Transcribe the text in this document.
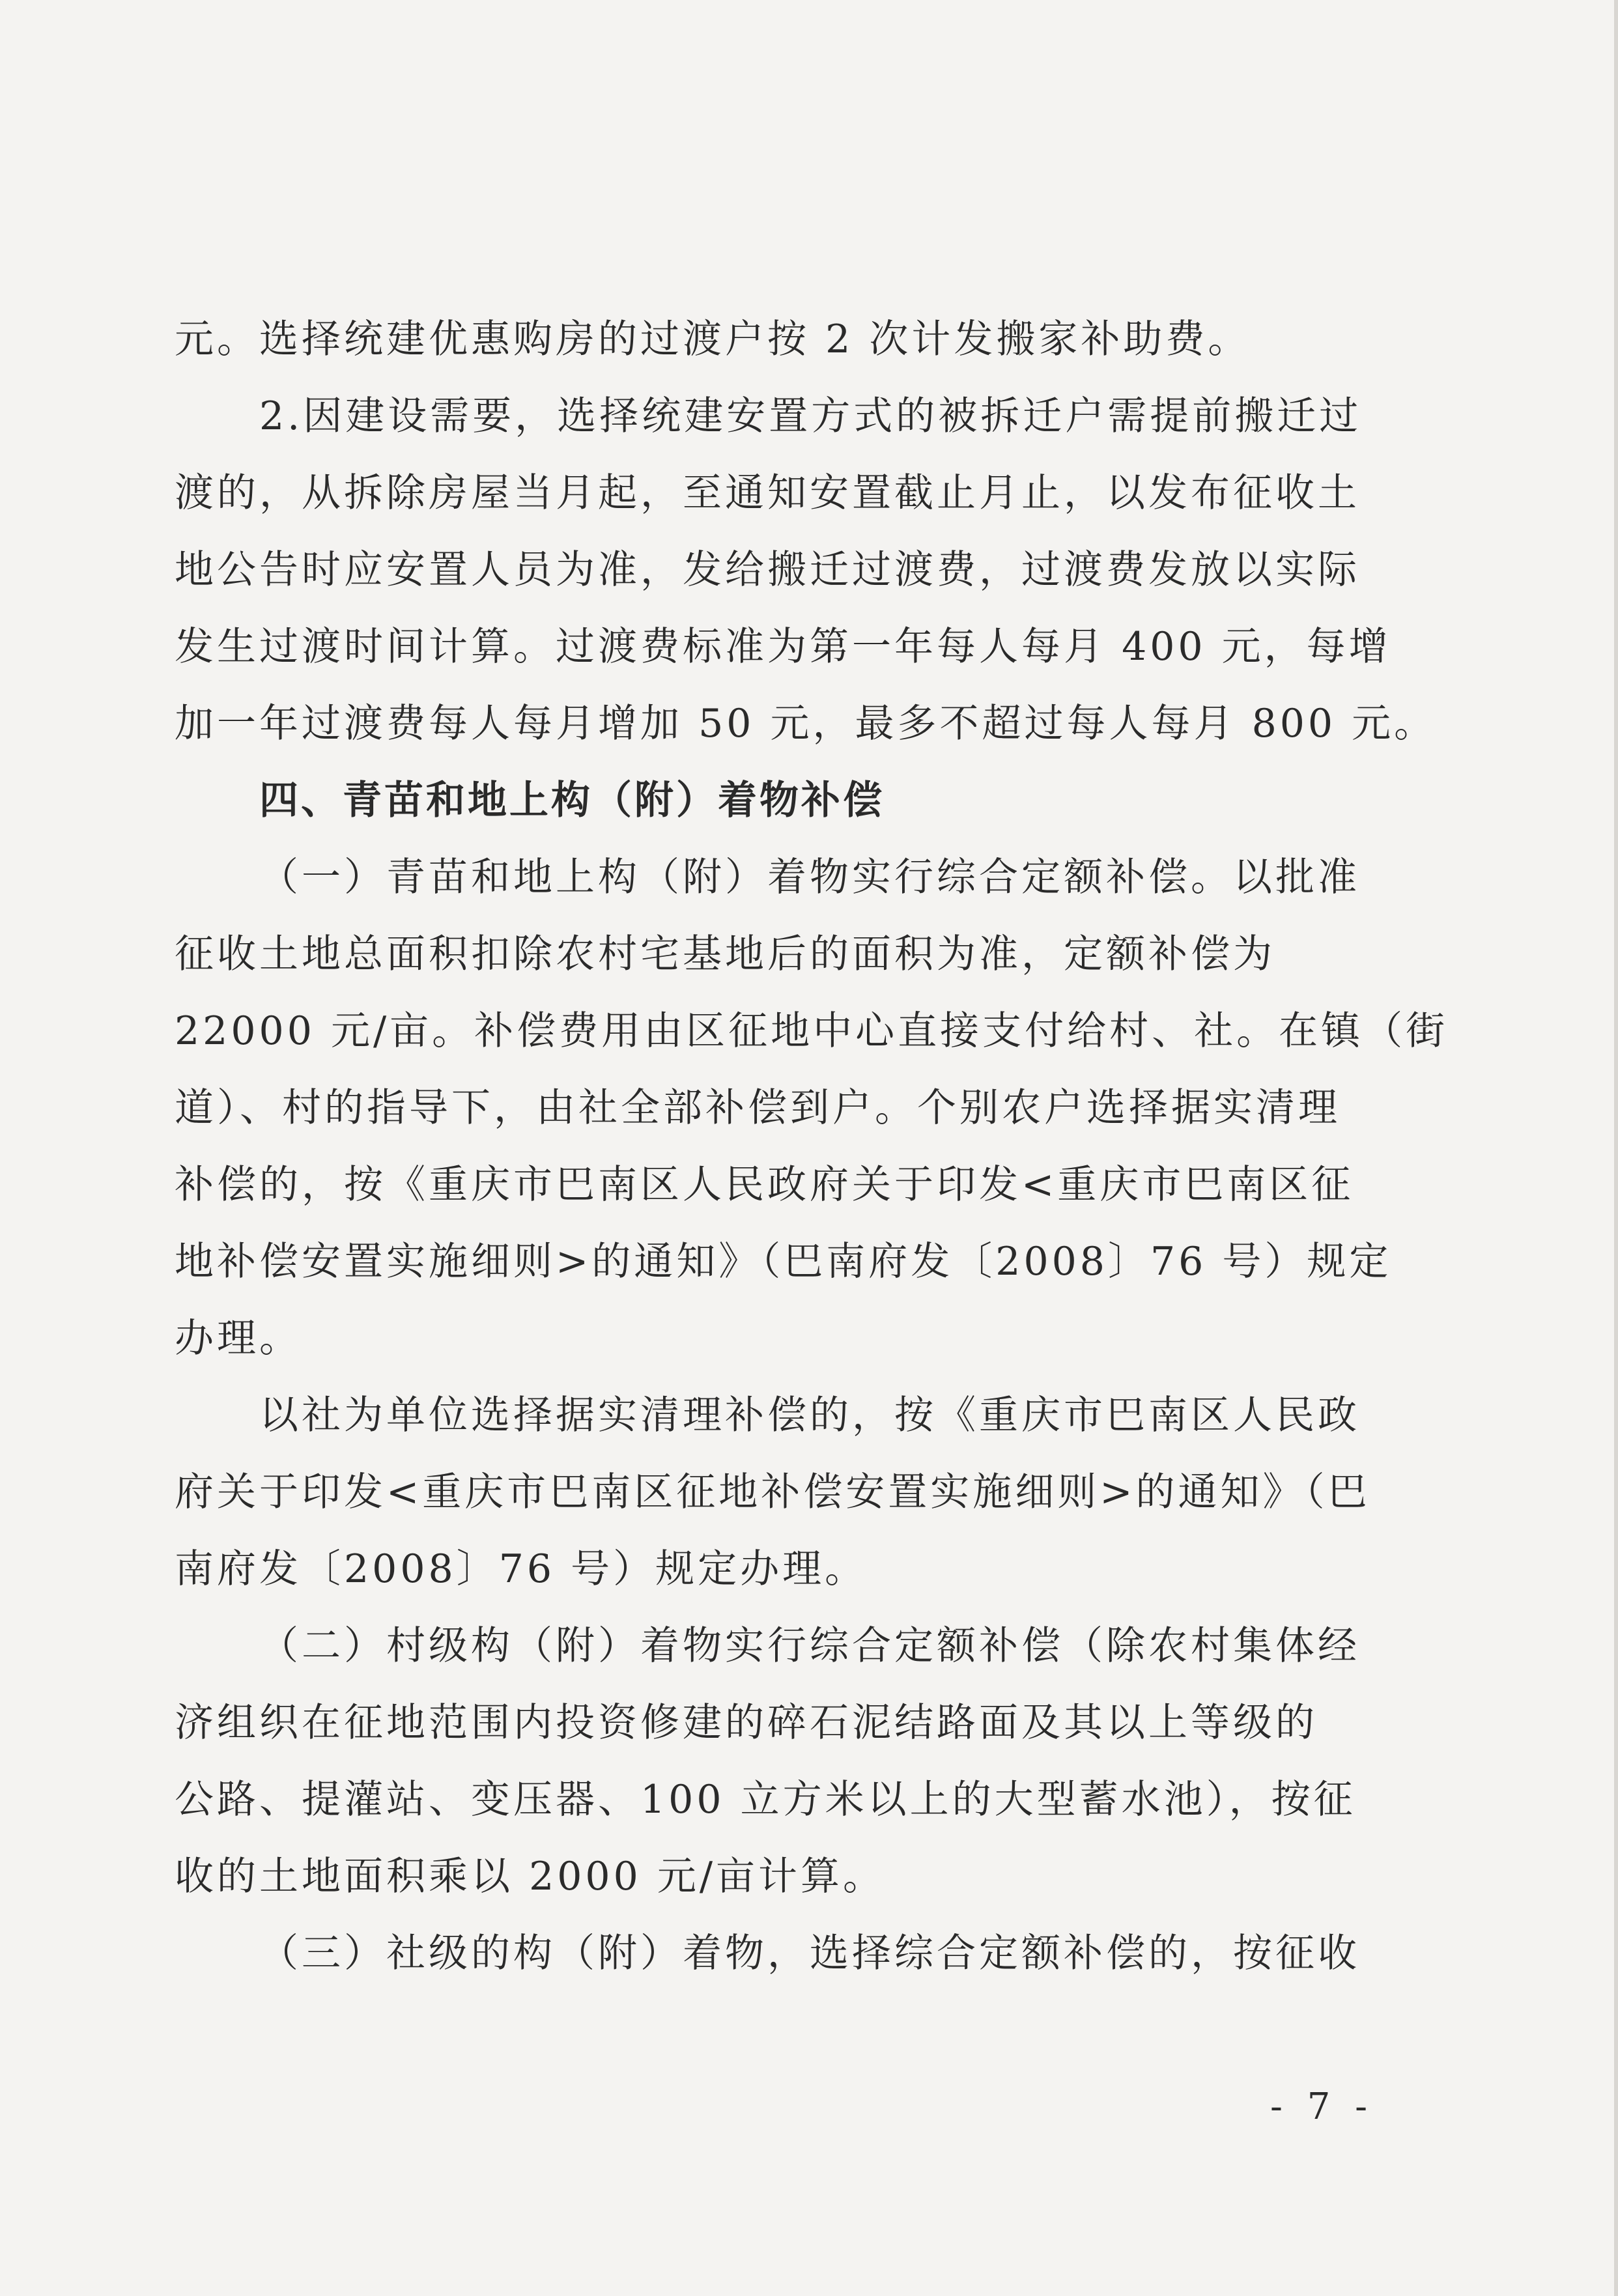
元。选择统建优惠购房的过渡户按 2 次计发搬家补助费。
2.因建设需要，选择统建安置方式的被拆迁户需提前搬迁过
渡的，从拆除房屋当月起，至通知安置截止月止，以发布征收土
地公告时应安置人员为准，发给搬迁过渡费，过渡费发放以实际
发生过渡时间计算。过渡费标准为第一年每人每月 400 元，每增
加一年过渡费每人每月增加 50 元，最多不超过每人每月 800 元。
四、青苗和地上构（附）着物补偿
（一）青苗和地上构（附）着物实行综合定额补偿。以批准
征收土地总面积扣除农村宅基地后的面积为准，定额补偿为
22000 元/亩。补偿费用由区征地中心直接支付给村、社。在镇（街
道）、村的指导下，由社全部补偿到户。个别农户选择据实清理
补偿的，按《重庆市巴南区人民政府关于印发<重庆市巴南区征
地补偿安置实施细则>的通知》（巴南府发〔2008〕76 号）规定
办理。
以社为单位选择据实清理补偿的，按《重庆市巴南区人民政
府关于印发<重庆市巴南区征地补偿安置实施细则>的通知》（巴
南府发〔2008〕76 号）规定办理。
（二）村级构（附）着物实行综合定额补偿（除农村集体经
济组织在征地范围内投资修建的碎石泥结路面及其以上等级的
公路、提灌站、变压器、100 立方米以上的大型蓄水池），按征
收的土地面积乘以 2000 元/亩计算。
（三）社级的构（附）着物，选择综合定额补偿的，按征收
- 7 -
